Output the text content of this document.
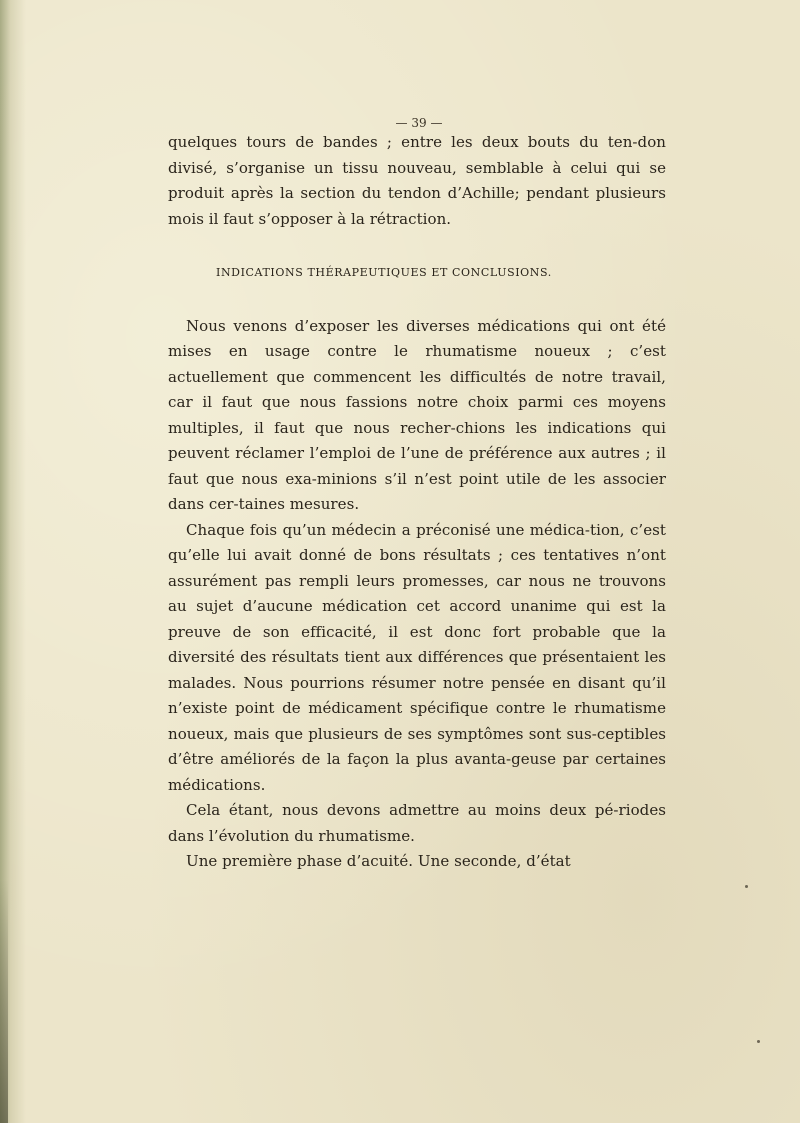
— 39 —

quelques tours de bandes ; entre les deux bouts du ten-don divisé, s’organise un tissu nouveau, semblable à celui qui se produit après la section du tendon d’Achille; pendant plusieurs mois il faut s’opposer à la rétraction.

INDICATIONS THÉRAPEUTIQUES ET CONCLUSIONS.

Nous venons d’exposer les diverses médications qui ont été mises en usage contre le rhumatisme noueux ; c’est actuellement que commencent les difficultés de notre travail, car il faut que nous fassions notre choix parmi ces moyens multiples, il faut que nous recher-chions les indications qui peuvent réclamer l’emploi de l’une de préférence aux autres ; il faut que nous exa-minions s’il n’est point utile de les associer dans cer-taines mesures.

Chaque fois qu’un médecin a préconisé une médica-tion, c’est qu’elle lui avait donné de bons résultats ; ces tentatives n’ont assurément pas rempli leurs promesses, car nous ne trouvons au sujet d’aucune médication cet accord unanime qui est la preuve de son efficacité, il est donc fort probable que la diversité des résultats tient aux différences que présentaient les malades. Nous pourrions résumer notre pensée en disant qu’il n’existe point de médicament spécifique contre le rhumatisme noueux, mais que plusieurs de ses symptômes sont sus-ceptibles d’être améliorés de la façon la plus avanta-geuse par certaines médications.

Cela étant, nous devons admettre au moins deux pé-riodes dans l’évolution du rhumatisme.

Une première phase d’acuité. Une seconde, d’état
